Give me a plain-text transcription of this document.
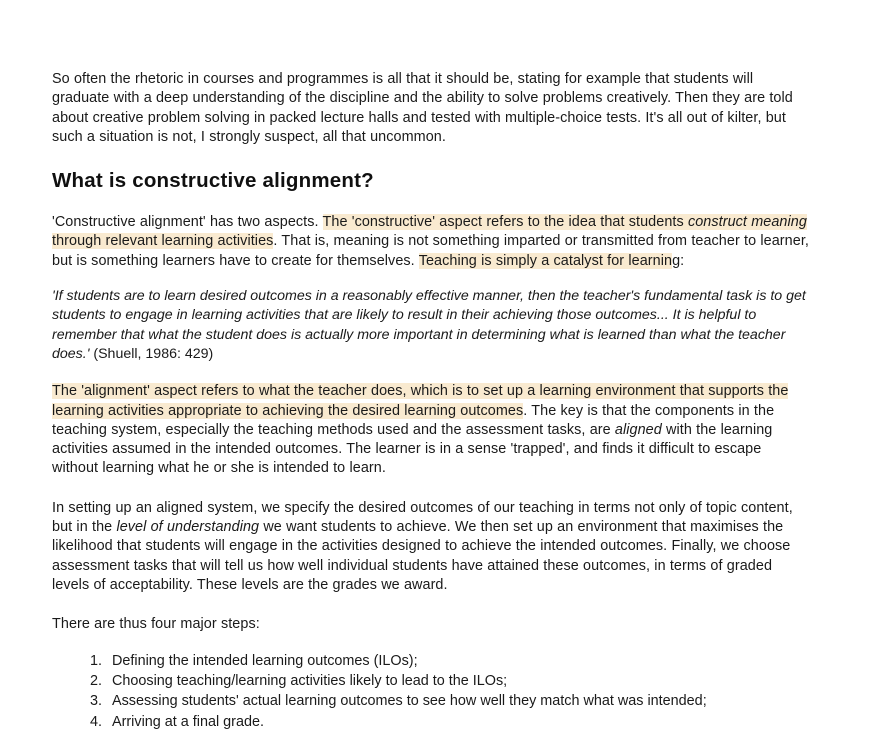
So often the rhetoric in courses and programmes is all that it should be, stating for example that students will graduate with a deep understanding of the discipline and the ability to solve problems creatively. Then they are told about creative problem solving in packed lecture halls and tested with multiple-choice tests. It's all out of kilter, but such a situation is not, I strongly suspect, all that uncommon.

What is constructive alignment?

'Constructive alignment' has two aspects. The 'constructive' aspect refers to the idea that students construct meaning through relevant learning activities. That is, meaning is not something imparted or transmitted from teacher to learner, but is something learners have to create for themselves. Teaching is simply a catalyst for learning:

'If students are to learn desired outcomes in a reasonably effective manner, then the teacher's fundamental task is to get students to engage in learning activities that are likely to result in their achieving those outcomes... It is helpful to remember that what the student does is actually more important in determining what is learned than what the teacher does.' (Shuell, 1986: 429)

The 'alignment' aspect refers to what the teacher does, which is to set up a learning environment that supports the learning activities appropriate to achieving the desired learning outcomes. The key is that the components in the teaching system, especially the teaching methods used and the assessment tasks, are aligned with the learning activities assumed in the intended outcomes. The learner is in a sense 'trapped', and finds it difficult to escape without learning what he or she is intended to learn.

In setting up an aligned system, we specify the desired outcomes of our teaching in terms not only of topic content, but in the level of understanding we want students to achieve. We then set up an environment that maximises the likelihood that students will engage in the activities designed to achieve the intended outcomes. Finally, we choose assessment tasks that will tell us how well individual students have attained these outcomes, in terms of graded levels of acceptability. These levels are the grades we award.

There are thus four major steps:

1. Defining the intended learning outcomes (ILOs);
2. Choosing teaching/learning activities likely to lead to the ILOs;
3. Assessing students' actual learning outcomes to see how well they match what was intended;
4. Arriving at a final grade.
